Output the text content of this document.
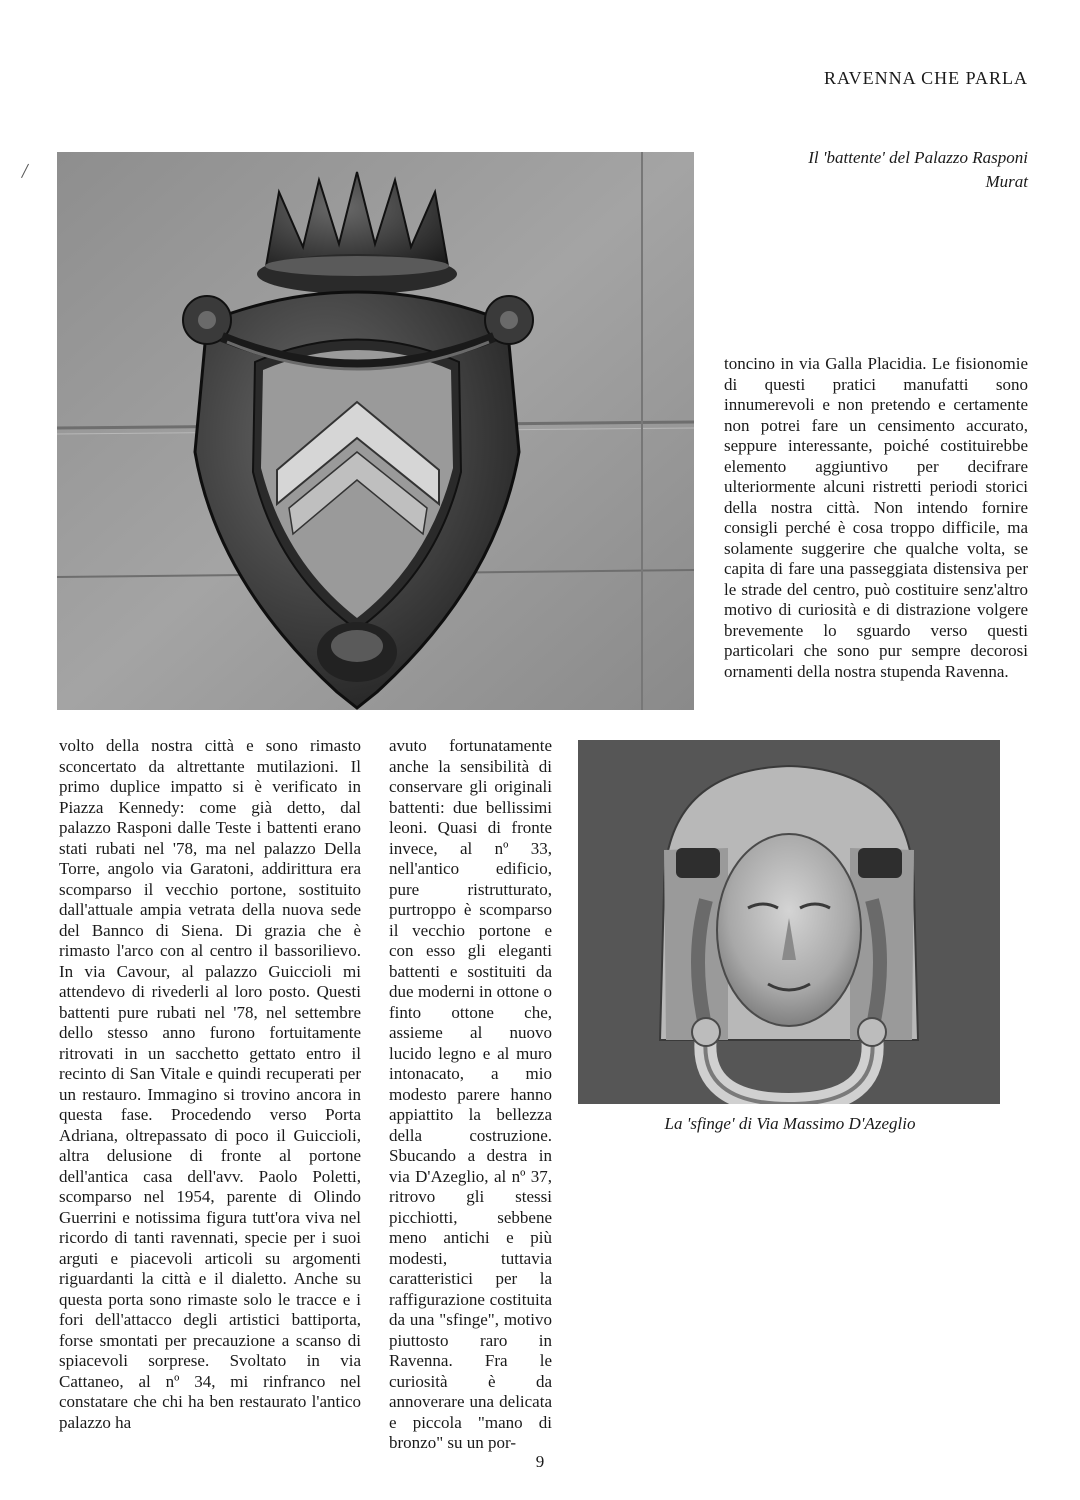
RAVENNA CHE PARLA
/
Il 'battente' del Palazzo Rasponi Murat

toncino in via Galla Placidia. Le fisionomie di questi pratici manufatti sono innumerevoli e non pretendo e certamente non potrei fare un censimento accurato, seppure interessante, poiché costituirebbe elemento aggiuntivo per decifrare ulteriormente alcuni ristretti periodi storici della nostra città. Non intendo fornire consigli perché è cosa troppo difficile, ma solamente suggerire che qualche volta, se capita di fare una passeggiata distensiva per le strade del centro, può costituire senz'altro motivo di curiosità e di distrazione volgere brevemente lo sguardo verso questi particolari che sono pur sempre decorosi ornamenti della nostra stupenda Ravenna.

volto della nostra città e sono rimasto sconcertato da altrettante mutilazioni. Il primo duplice impatto si è verificato in Piazza Kennedy: come già detto, dal palazzo Rasponi dalle Teste i battenti erano stati rubati nel '78, ma nel palazzo Della Torre, angolo via Garatoni, addirittura era scomparso il vecchio portone, sostituito dall'attuale ampia vetrata della nuova sede del Bannco di Siena. Di grazia che è rimasto l'arco con al centro il bassorilievo. In via Cavour, al palazzo Guiccioli mi attendevo di rivederli al loro posto. Questi battenti pure rubati nel '78, nel settembre dello stesso anno furono fortuitamente ritrovati in un sacchetto gettato entro il recinto di San Vitale e quindi recuperati per un restauro. Immagino si trovino ancora in questa fase. Procedendo verso Porta Adriana, oltrepassato di poco il Guiccioli, altra delusione di fronte al portone dell'antica casa dell'avv. Paolo Poletti, scomparso nel 1954, parente di Olindo Guerrini e notissima figura tutt'ora viva nel ricordo di tanti ravennati, specie per i suoi arguti e piacevoli articoli su argomenti riguardanti la città e il dialetto. Anche su questa porta sono rimaste solo le tracce e i fori dell'attacco degli artistici battiporta, forse smontati per precauzione a scanso di spiacevoli sorprese. Svoltato in via Cattaneo, al nº 34, mi rinfranco nel constatare che chi ha ben restaurato l'antico palazzo ha

avuto fortunatamente anche la sensibilità di conservare gli originali battenti: due bellissimi leoni. Quasi di fronte invece, al nº 33, nell'antico edificio, pure ristrutturato, purtroppo è scomparso il vecchio portone e con esso gli eleganti battenti e sostituiti da due moderni in ottone o finto ottone che, assieme al nuovo lucido legno e al muro intonacato, a mio modesto parere hanno appiattito la bellezza della costruzione. Sbucando a destra in via D'Azeglio, al nº 37, ritrovo gli stessi picchiotti, sebbene meno antichi e più modesti, tuttavia caratteristici per la raffigurazione costituita da una "sfinge", motivo piuttosto raro in Ravenna. Fra le curiosità è da annoverare una delicata e piccola "mano di bronzo" su un por-

La 'sfinge' di Via Massimo D'Azeglio
9
